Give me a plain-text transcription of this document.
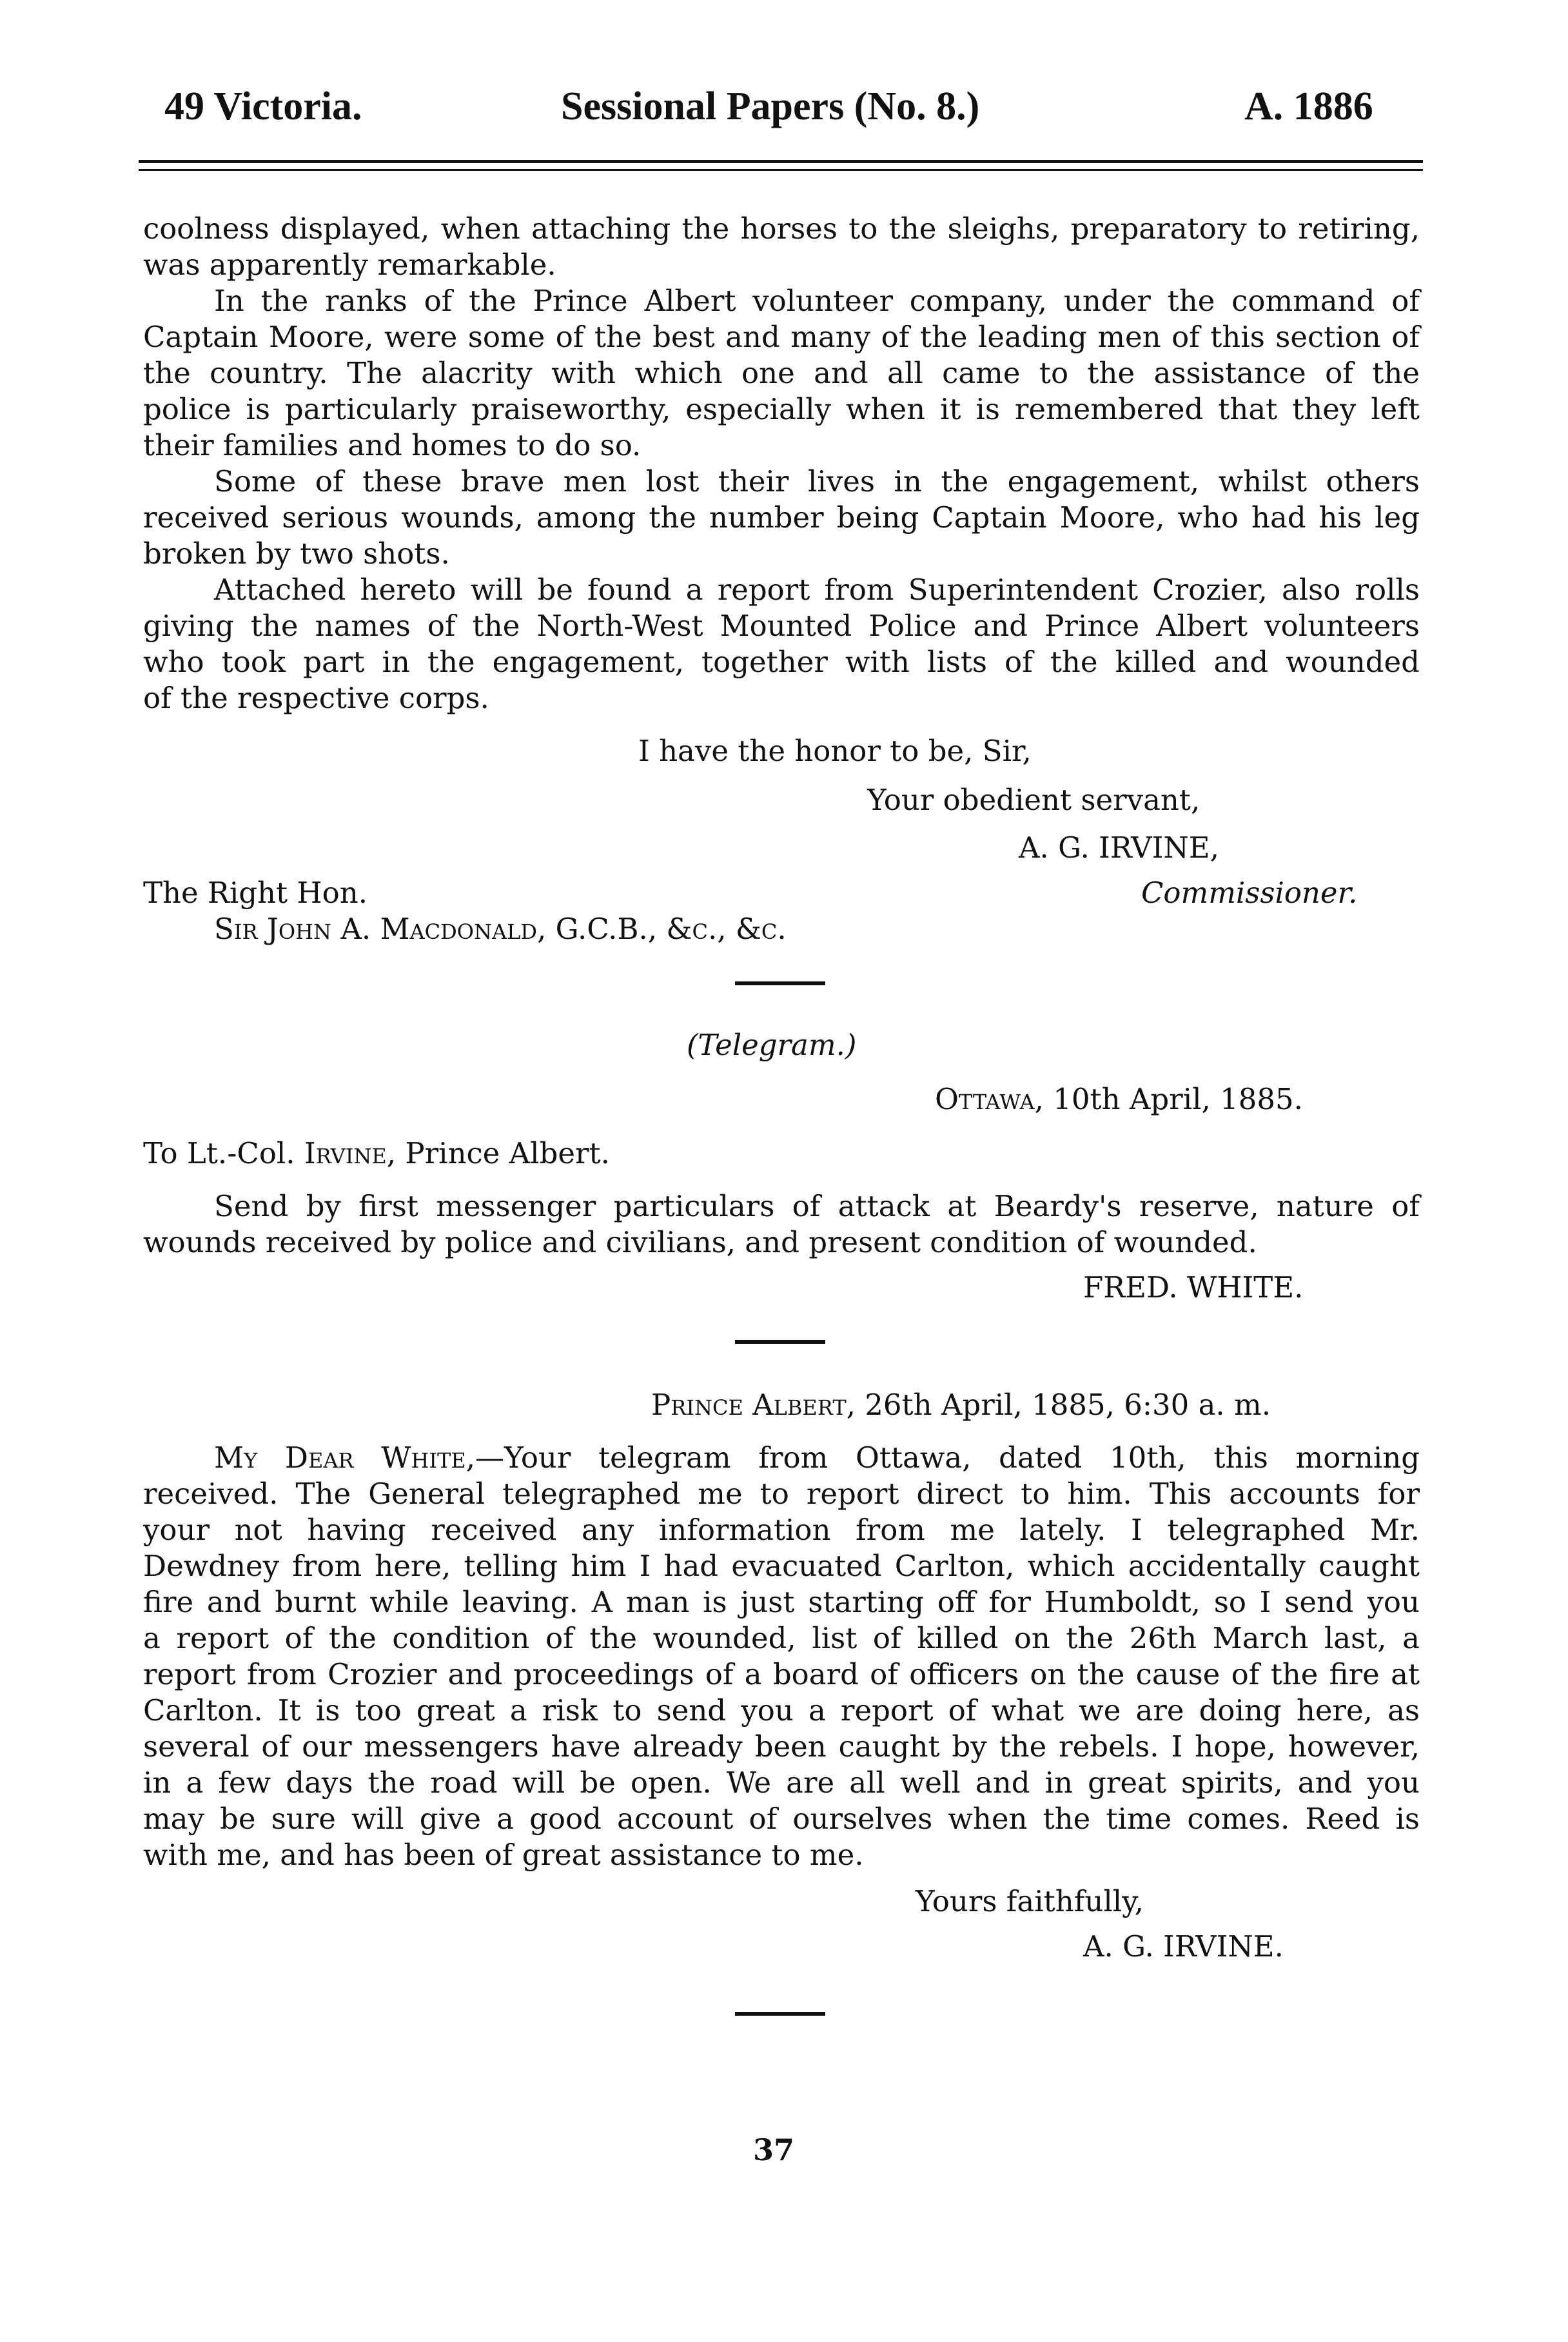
49 Victoria.	Sessional Papers (No. 8.)	A. 1886
coolness displayed, when attaching the horses to the sleighs, preparatory to retiring,
was apparently remarkable.
In the ranks of the Prince Albert volunteer company, under the command of
Captain Moore, were some of the best and many of the leading men of this section of
the country. The alacrity with which one and all came to the assistance of the
police is particularly praiseworthy, especially when it is remembered that they left
their families and homes to do so.
Some of these brave men lost their lives in the engagement, whilst others
received serious wounds, among the number being Captain Moore, who had his leg
broken by two shots.
Attached hereto will be found a report from Superintendent Crozier, also rolls
giving the names of the North-West Mounted Police and Prince Albert volunteers
who took part in the engagement, together with lists of the killed and wounded
of the respective corps.
I have the honor to be, Sir,
Your obedient servant,
A. G. IRVINE,
The Right Hon.	Commissioner.
Sir John A. Macdonald, G.C.B., &c., &c.
(Telegram.)
Ottawa, 10th April, 1885.
To Lt.-Col. Irvine, Prince Albert.
Send by first messenger particulars of attack at Beardy's reserve, nature of
wounds received by police and civilians, and present condition of wounded.
FRED. WHITE.
Prince Albert, 26th April, 1885, 6:30 a. m.
My Dear White,—Your telegram from Ottawa, dated 10th, this morning
received. The General telegraphed me to report direct to him. This accounts for
your not having received any information from me lately. I telegraphed Mr.
Dewdney from here, telling him I had evacuated Carlton, which accidentally caught
fire and burnt while leaving. A man is just starting off for Humboldt, so I send you
a report of the condition of the wounded, list of killed on the 26th March last, a
report from Crozier and proceedings of a board of officers on the cause of the fire at
Carlton. It is too great a risk to send you a report of what we are doing here, as
several of our messengers have already been caught by the rebels. I hope, however,
in a few days the road will be open. We are all well and in great spirits, and you
may be sure will give a good account of ourselves when the time comes. Reed is
with me, and has been of great assistance to me.
Yours faithfully,
A. G. IRVINE.
37
